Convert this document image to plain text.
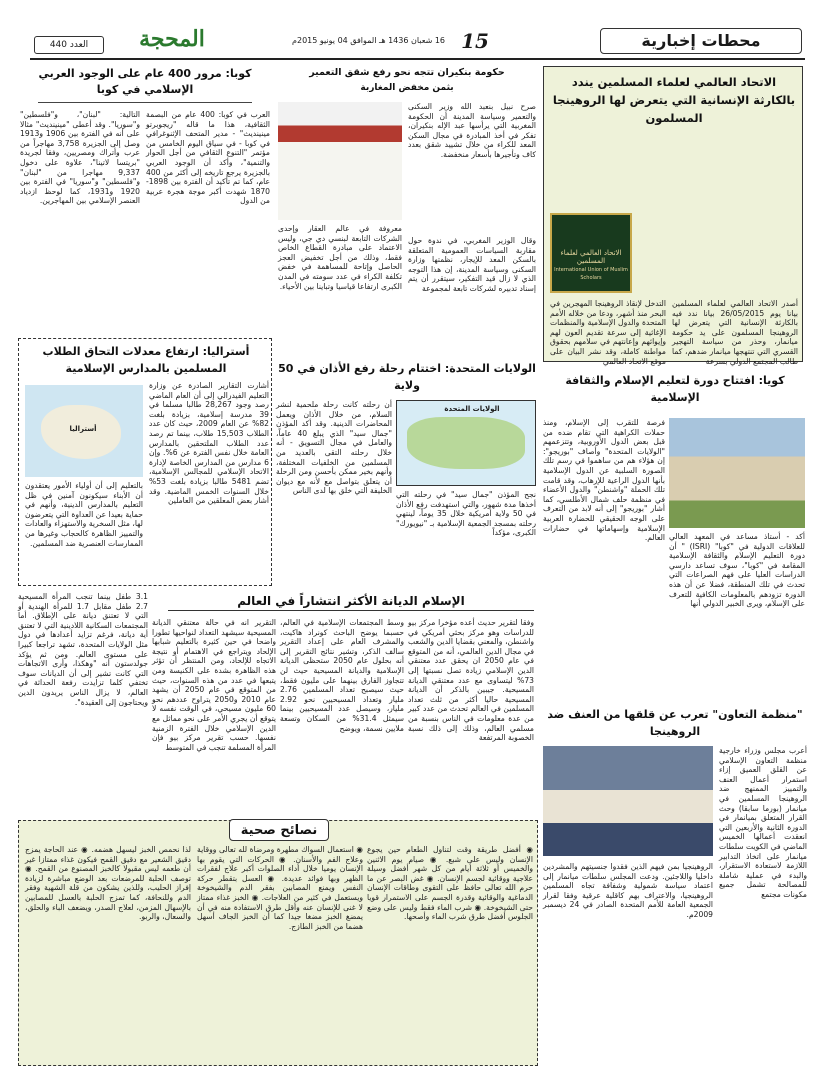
محطات إخبارية
15
16 شعبان 1436 هـ الموافق 04 يونيو 2015م
المحجة
العدد 440
الاتحاد العالمي لعلماء المسلمين يندد بالكارثة الإنسانية التي يتعرض لها الروهينجا المسلمون
الاتحاد العالمي لعلماء المسلمين
International Union of Muslim Scholars

التدخل لإنقاذ الروهينجا المهجرين في البحر منذ أشهر، ودعا من خلاله الأمم المتحدة والدول الإسلامية والمنظمات الإغاثية إلى سرعة تقديم العون لهم وإيوائهم وإعانتهم في سلامهم بحقوق مواطنة كاملة، وقد نشر البيان على موقع الاتحاد العالمي

أصدر الاتحاد العالمي لعلماء المسلمين بيانا يوم 26/05/2015 بيانا ندد فيه بالكارثة الإنسانية التي يتعرض لها الروهينجا المسلمون على يد حكومة ميانمار، وحذر من سياسة التهجير القسري التي تنتهجها ميانمار ضدهم، كما طالب المجتمع الدولي بسرعة

حكومة بنكيران تتجه نحو رفع شقق التعمير
بثمن مخفض المغاربة

صرح نبيل بنعبد الله وزير السكنى والتعمير وسياسة المدينة أن الحكومة المغربية التي يرأسها عبد الإله بنكيران، تفكر في أخذ المبادرة في مجال السكن المعد للكراء من خلال تشييد شقق بعدد كاف وتأجيرها بأسعار منخفضة.

وقال الوزير المغربي، في ندوة حول مقاربة السياسات العمومية المتعلقة بالسكن المعد للإيجار، نظمتها وزارة السكنى وسياسة المدينة، إن هذا التوجه الذي لا زال قيد التفكير، سيتقرر أن يتم إسناد تدبيره لشركات تابعة لمجموعة

معروفة في عالم العقار وإحدى الشركات التابعة لبنسي دي جي، وليس الاعتماد على مبادرة القطاع الخاص فقط، وذلك من أجل تخفيض العجز الحاصل وإتاحة للمساهمة في خفض تكلفة الكراء في عدد سومته في المدن الكبرى ارتفاعا قياسيا وتباينا بين الأحياء.

كوبا: مرور 400 عام على الوجود العربي الإسلامي في كوبا

العرب في كوبا: 400 عام من البصمة الثقافية، هذا ما قاله "ريجوبرتو مينينديث" - مدير المتحف الإثنوغرافي في كوبا - في سياق اليوم الخامس من مؤتمر "التنوع الثقافي من أجل الحوار والتنمية"، وأكد أن الوجود العربي بالجزيرة يرجع تاريخه إلى أكثر من 400 عام، كما تم تأكيد أن الفترة بين 1898-1870 شهدت أكبر موجة هجرة عربية من الدول

التالية: "لبنان"، و"فلسطين" و"سوريا". وقد أعطى "مينينديث" مثالا على أنه في الفترة بين 1906 و1913 وصل إلى الجزيرة 3,758 مهاجراً من عرب وأتراك ومصريين، وفقا لجريدة "بريتسا لاتينا"، علاوة على دخول 9,337 مهاجرا من "لبنان" و"فلسطين" و"سوريا" في الفترة بين 1920 و1931، كما لوحظ ازدياد العنصر الإسلامي بين المهاجرين.

كويا: افتتاح دورة لتعليم الإسلام والثقافة الإسلامية

فرصة للتقرب إلى الإسلام، ومنذ حملات الكراهية التي تقام ضده من قبل بعض الدول الأوروبية، وتتزعمهم "الولايات المتحدة" وأصاف "بوريجو": إن هؤلاء هم من ساهموا في رسم تلك الصورة السلبية عن الدول الإسلامية بأنها الدول الراعية للإرهاب، وقد قامت تلك الحملة "واشنطن" والدول الأعضاء في منظمة حلف شمال الأطلسي، كما أشار "بوريجو" إلى أنه لابد من التعرف على الوجه الحقيقي للحضارة العربية الإسلامية وإسهاماتها في حضارات العالم. أكد - أستاذ مساعد في المعهد العالي للعلاقات الدولية في "كوبا" (ISRI) " أن دورة التعليم الإسلام والثقافة الإسلامية المقامة في "كوبا"، سوف تساعد دارسي الدراسات العليا على فهم الصراعات التي تحدث في تلك المنطقة، فضلا عن أن هذه الدورة تزودهم بالمعلومات الكافية للتعرف على الإسلام، ويرى الخبير الدولي أنها

الولايات المتحدة: اختتام رحلة رفع الأذان في 50 ولاية
الولايات المتحدة

أن رحلته كانت رحلة ملحمية لنشر السلام، من خلال الأذان ويعمل المحاضرات الدينية. وقد أكد المؤذن "جمال سيد" الذي يبلغ 40 عاماً، والعامل في مجال التسويق - أنه خلال رحلته التقى بالعديد من المسلمين من الخلفيات المختلفة، وأنهم بخير ممكن بأحسن ومن الرحلة أن يتعلق بتواصل مع لأنه مع ديوان الخليفة التي خلق بها لدى الناس نجح المؤذن "جمال سيد" في رحلته التي أخذها مدة شهور، والتي استهدفت رفع الأذان في 50 ولاية أمريكية خلال 35 يوماً، لينتهي رحلته بمسجد الجمعية الإسلامية بـ "نيويورك" الكبرى، مؤكداً

أستراليا: ارتفاع معدلات التحاق الطلاب المسلمين بالمدارس الإسلامية
أستراليا

أشارت التقارير الصادرة عن وزارة التعليم الفيدرالي إلى أن العام الماضي رصد وجود 28,267 طالبا مسلما في 39 مدرسة إسلامية، بزيادة بلغت 82% عن العام 2009، حيث كان عدد الطلاب 15,503 طلاب، بينما تم رصد عدد الطلاب الملتحقين بالمدارس العامة خلال نفس الفترة عن 6%. وإن 6 مدارس من المدارس الخاصة لإدارة الاتحاد الإسلامي للمجالس الإسلامية، تضم 5481 طالبا بزيادة بلغت 53% خلال السنوات الخمس الماضية. وقد أشار بعض المعلقين من العاملين

بالتعليم إلى أن أولياء الأمور يعتقدون أن الأبناء سيكونون آمنين في ظل التعليم بالمدارس الدينية، وأنهم في حماية بعيدا عن العداوة التي يتعرضون لها، مثل السخرية والاستهزاء والعادات والتمييز الظاهرة كالحجاب وغيرها من الممارسات العنصرية ضد المسلمين.

الإسلام الديانة الأكثر انتشاراً في العالم

وفقا لتقرير حديث أعده مؤخرا مركز بيو للدراسات وهو مركز بحثي أمريكي في واشنطن، والمعني بقضايا الدين والشعب في مجال الدين العالمي، أنه من المتوقع في عام 2050 ان يحقق عدد معتنقي الدين الإسلامي زيادة تصل نسبتها إلى 73% ليتساوى مع عدد معتنقي الديانة المسيحية. جيبين بالذكر أن الديانة المسيحية حاليا أكثر من ثلث تعداد المسلمين في العالم تحدث من عدد كبير من عدة معلومات في الناس بنسبة من مسلمي العالم، وذلك إلى ذلك نسبة الخصوبة المرتفعة

وسط المجتمعات الإسلامية في العالم، حسبما يوضح الباحث كونراد هاكيت، والمشرف العام على إعداد التقرير سالف الذكر، وتشير نتائج التقرير إلى أنه بحلول عام 2050 ستحظى الديانة الإسلامية والديانة المسيحية حيث لن تتجاوز الفارق بينهما على مليون فقط، حيث سيصبح تعداد المسلمين 2.76 مليار وتعداد المسيحيين نحو 2.92 مليار، وسيصل عدد المسيحيين بينما سيمثل 31.4% من السكان وتسعة ملايين نسمة، ويوضح

التقرير انه في حالة معتنقي الديانة المسيحية سيشهد التعداد لنواحيها تطورا واضحا في حين كثيرة بالتعليم شبابها الإلحاد ويتراجع في الاهتمام أو نتيجة الاتجاه للإلحاد، ومن المنتظر أن تؤثر هذه الظاهرة بشدة على الكنيسة ومن يتبعها في عدد من هذه السنوات، حيث من المتوقع في عام 2050 أن يشهد عام 2010 و2050 يتراوح عددهم نحو 60 مليون مسيحي، في الوقت نفسه لا يتوقع أن يجري الأمر على نحو مماثل مع الدين الإسلامي خلال الفترة الزمنية نفسها. حسب تقرير مركز بيو فإن المرأة المسلمة تنجب في المتوسط

3.1 طفل بينما تنجب المرأة المسيحية 2.7 طفل مقابل 1.7 للمرأة الهندية أو التي لا تعتنق ديانة على الإطلاق. أما المجتمعات السكانية اللادينية التي لا تعتنق أية ديانة، فرغم تزايد أعدادها في دول مثل الولايات المتحدة، تشهد تراجعا كبيرا على مستوى العالم. ومن ثم يؤكد جولدستون أنه "وهكذا، وأرى الاتجاهات التي كانت تشير إلى أن الديانات سوف تختفي كلما تزايدت رفعة الحداثة في العالم، لا يزال الناس يريدون الدين ويحتاجون إلى العقيدة".

"منظمة التعاون" تعرب عن قلقها من العنف ضد الروهينجا

أعرب مجلس وزراء خارجية منظمة التعاون الإسلامي عن القلق العميق إزاء استمرار أعمال العنف والتمييز الممنهج ضد الروهينجا المسلمين في ميانمار (بورما سابقا) وحث القرار المتعلق بميانمار في الدورة الثانية والأربعين التي انعقدت أعمالها الخميس الماضي في الكويت سلطات ميانمار على اتخاذ التدابير اللازمة لاستعادة الاستقرار، والبدء في عملية شاملة للمصالحة تشمل جميع مكونات مجتمع

الروهينجيا بمن فيهم الذين فقدوا جنسيتهم والمشردين داخليا واللاجئين. ودعت المجلس سلطات ميانمار إلى اعتماد سياسة شمولية وشفافة تجاه المسلمين الروهينجيا، والاعتراف بهم كاقلية عرقية وفقا لقرار الجمعية العامة للأمم المتحدة الصادر في 24 ديسمبر 2009م.

نصائح صحية

◉ أفضل طريقة وقت لتناول الطعام حين يجوع الإنسان وليس على شبع. ◉ صيام يوم الاثنين والخميس أو ثلاثة أيام من كل شهر أفضل وسيلة علاجية ووقائية لجسم الإنسان. ◉ غض البصر عن ما حرم الله تعالى حافظ على التقوى وطاقات الإنسان الدماغية والوقائية وقدرة الجسم على الاستمرار قويا حتى الشيخوخة. ◉ شرب الماء فقط وليس على وضع الجلوس أفضل طرق شرب الماء وأصحها.

◉ استعمال السواك مطهرة ومرضاة لله تعالى ووقاية وعلاج الفم والأسنان. ◉ الحركات التي يقوم بها الإنسان يوميا خلال أداء الصلوات أكبر علاج لفقرات الظهر وبها فوائد عديدة. ◉ العسل بتقطر حركة النفس ويمنع المصابين بفقر الدم والشيخوخة ويستعمل في كثير من العلاجات. ◉ الخبز غذاء ممتاز لا غنى للإنسان عنه وأقل طرق الاستفادة منه في أن يمضغ الخبز مضغا جيدا كما أن الخبز الجاف أسهل هضما من الخبز الطازج.

لذا نحمص الخبز ليسهل هضمه. ◉ عند الحاجة يمزج دقيق الشعير مع دقيق القمح فيكون غذاء ممتازا غير أن طعمه ليس مقبولا كالخبز المصنوع من القمح. ◉ توصف الحلبة للمرضعات بعد الوضع مباشرة لزيادة إفراز الحليب، وللذين يشكون من قلة الشهية وفقر الدم وللنحافة، كما تمزج الحلبة بالعسل للمصابين بالإسهال المزمن، لعلاج الصدر، ويضعف الباء والحلق، والسعال، والربو.
